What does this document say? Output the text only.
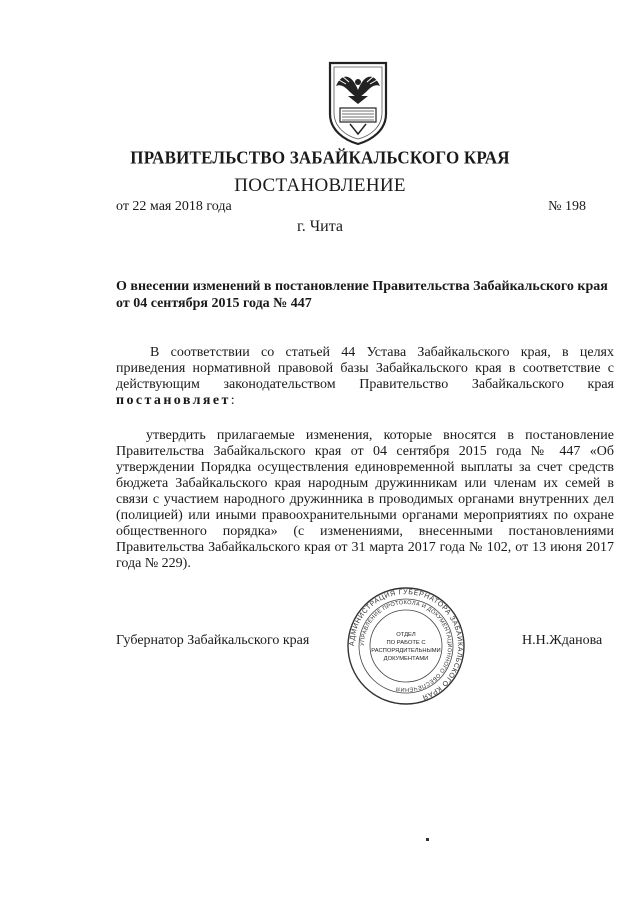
ПРАВИТЕЛЬСТВО ЗАБАЙКАЛЬСКОГО КРАЯ
ПОСТАНОВЛЕНИЕ
от 22 мая 2018 года	№ 198
г. Чита
О внесении изменений в постановление Правительства Забайкальского края от 04 сентября 2015 года № 447
В соответствии со статьей 44 Устава Забайкальского края, в целях приведения нормативной правовой базы Забайкальского края в соответствие с действующим законодательством Правительство Забайкальского края постановляет:
утвердить прилагаемые изменения, которые вносятся в постановление Правительства Забайкальского края от 04 сентября 2015 года № 447 «Об утверждении Порядка осуществления единовременной выплаты за счет средств бюджета Забайкальского края народным дружинникам или членам их семей в связи с участием народного дружинника в проводимых органами внутренних дел (полицией) или иными правоохранительными органами мероприятиях по охране общественного порядка» (с изменениями, внесенными постановлениями Правительства Забайкальского края от 31 марта 2017 года № 102, от 13 июня 2017 года № 229).
Губернатор Забайкальского края	Н.Н.Жданова
АДМИНИСТРАЦИЯ ГУБЕРНАТОРА ЗАБАЙКАЛЬСКОГО КРАЯ
УПРАВЛЕНИЕ ПРОТОКОЛА И ДОКУМЕНТАЦИОННОГО ОБЕСПЕЧЕНИЯ
ОТДЕЛ
ПО РАБОТЕ С
РАСПОРЯДИТЕЛЬНЫМИ
ДОКУМЕНТАМИ
